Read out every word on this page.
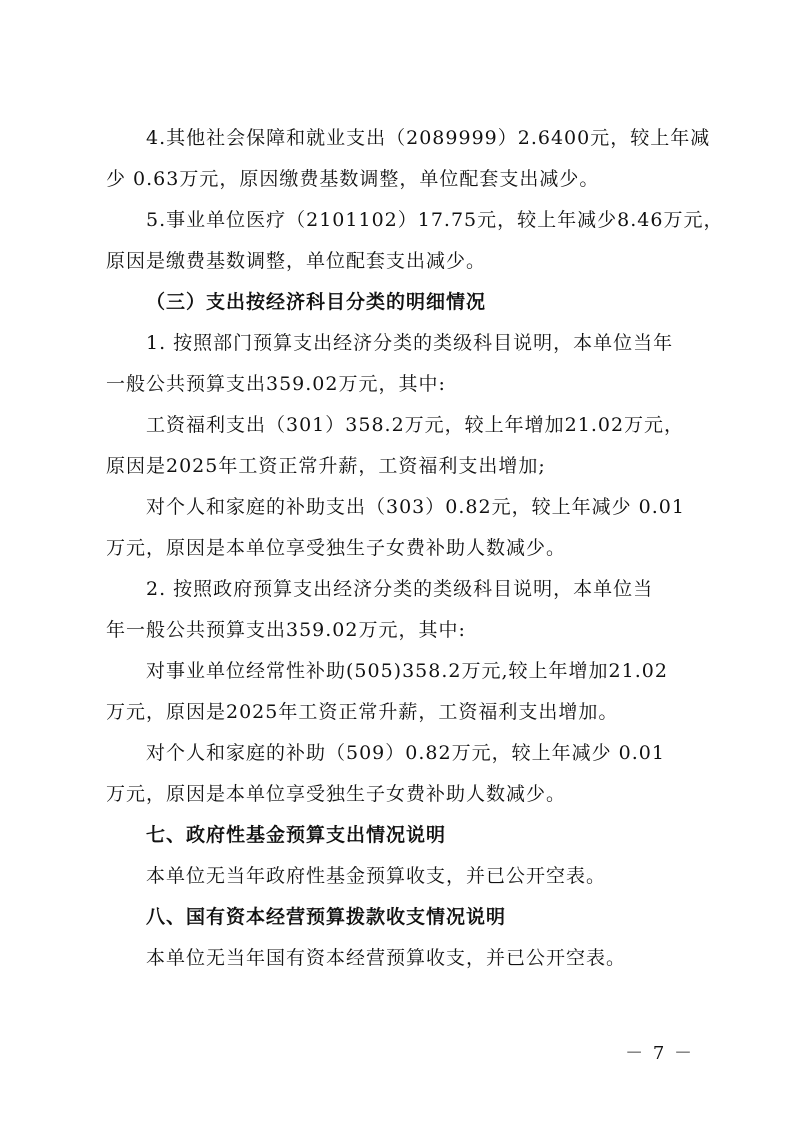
4.其他社会保障和就业支出（2089999）2.6400元，较上年减
少 0.63万元，原因缴费基数调整，单位配套支出减少。
5.事业单位医疗（2101102）17.75元，较上年减少8.46万元，
原因是缴费基数调整，单位配套支出减少。
（三）支出按经济科目分类的明细情况
1. 按照部门预算支出经济分类的类级科目说明，本单位当年
一般公共预算支出359.02万元，其中:
工资福利支出（301）358.2万元，较上年增加21.02万元，
原因是2025年工资正常升薪，工资福利支出增加;
对个人和家庭的补助支出（303）0.82元，较上年减少 0.01
万元，原因是本单位享受独生子女费补助人数减少。
2. 按照政府预算支出经济分类的类级科目说明，本单位当
年一般公共预算支出359.02万元，其中:
对事业单位经常性补助(505)358.2万元,较上年增加21.02
万元，原因是2025年工资正常升薪，工资福利支出增加。
对个人和家庭的补助（509）0.82万元，较上年减少 0.01
万元，原因是本单位享受独生子女费补助人数减少。
七、政府性基金预算支出情况说明
本单位无当年政府性基金预算收支，并已公开空表。
八、国有资本经营预算拨款收支情况说明
本单位无当年国有资本经营预算收支，并已公开空表。
－ 7 －
